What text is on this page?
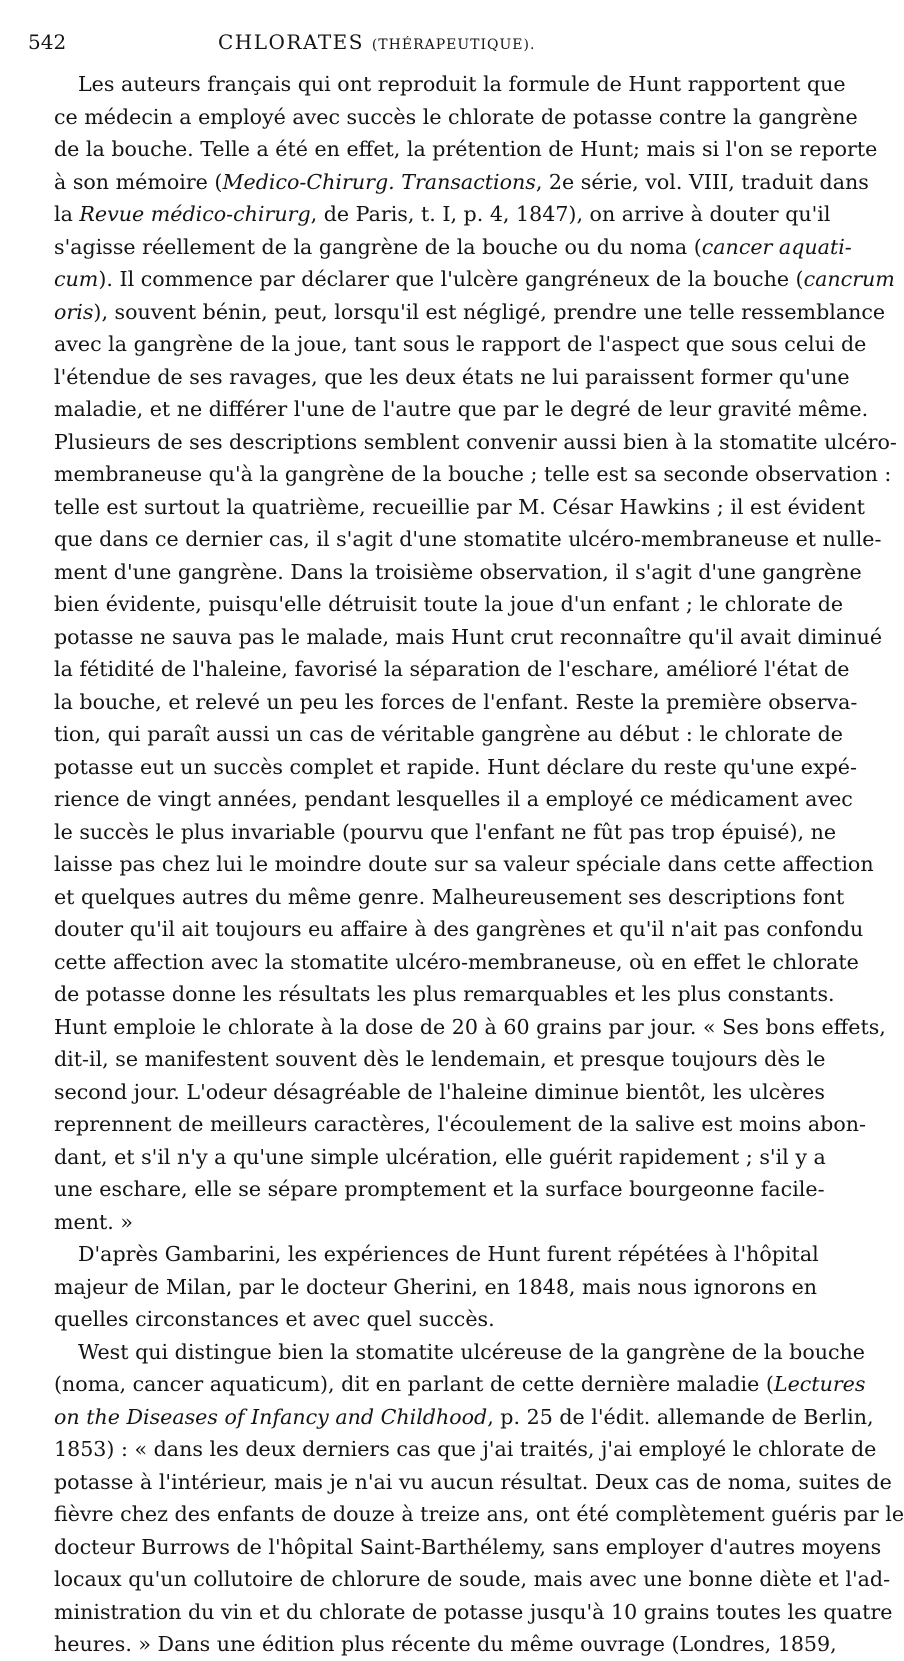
542	CHLORATES (THÉRAPEUTIQUE).

Les auteurs français qui ont reproduit la formule de Hunt rapportent que
ce médecin a employé avec succès le chlorate de potasse contre la gangrène
de la bouche. Telle a été en effet, la prétention de Hunt; mais si l'on se reporte
à son mémoire (Medico-Chirurg. Transactions, 2e série, vol. VIII, traduit dans
la Revue médico-chirurg, de Paris, t. I, p. 4, 1847), on arrive à douter qu'il
s'agisse réellement de la gangrène de la bouche ou du noma (cancer aquati-
cum). Il commence par déclarer que l'ulcère gangréneux de la bouche (cancrum
oris), souvent bénin, peut, lorsqu'il est négligé, prendre une telle ressemblance
avec la gangrène de la joue, tant sous le rapport de l'aspect que sous celui de
l'étendue de ses ravages, que les deux états ne lui paraissent former qu'une
maladie, et ne différer l'une de l'autre que par le degré de leur gravité même.
Plusieurs de ses descriptions semblent convenir aussi bien à la stomatite ulcéro-
membraneuse qu'à la gangrène de la bouche ; telle est sa seconde observation :
telle est surtout la quatrième, recueillie par M. César Hawkins ; il est évident
que dans ce dernier cas, il s'agit d'une stomatite ulcéro-membraneuse et nulle-
ment d'une gangrène. Dans la troisième observation, il s'agit d'une gangrène
bien évidente, puisqu'elle détruisit toute la joue d'un enfant ; le chlorate de
potasse ne sauva pas le malade, mais Hunt crut reconnaître qu'il avait diminué
la fétidité de l'haleine, favorisé la séparation de l'eschare, amélioré l'état de
la bouche, et relevé un peu les forces de l'enfant. Reste la première observa-
tion, qui paraît aussi un cas de véritable gangrène au début : le chlorate de
potasse eut un succès complet et rapide. Hunt déclare du reste qu'une expé-
rience de vingt années, pendant lesquelles il a employé ce médicament avec
le succès le plus invariable (pourvu que l'enfant ne fût pas trop épuisé), ne
laisse pas chez lui le moindre doute sur sa valeur spéciale dans cette affection
et quelques autres du même genre. Malheureusement ses descriptions font
douter qu'il ait toujours eu affaire à des gangrènes et qu'il n'ait pas confondu
cette affection avec la stomatite ulcéro-membraneuse, où en effet le chlorate
de potasse donne les résultats les plus remarquables et les plus constants.
Hunt emploie le chlorate à la dose de 20 à 60 grains par jour. « Ses bons effets,
dit-il, se manifestent souvent dès le lendemain, et presque toujours dès le
second jour. L'odeur désagréable de l'haleine diminue bientôt, les ulcères
reprennent de meilleurs caractères, l'écoulement de la salive est moins abon-
dant, et s'il n'y a qu'une simple ulcération, elle guérit rapidement ; s'il y a
une eschare, elle se sépare promptement et la surface bourgeonne facile-
ment. »

D'après Gambarini, les expériences de Hunt furent répétées à l'hôpital
majeur de Milan, par le docteur Gherini, en 1848, mais nous ignorons en
quelles circonstances et avec quel succès.

West qui distingue bien la stomatite ulcéreuse de la gangrène de la bouche
(noma, cancer aquaticum), dit en parlant de cette dernière maladie (Lectures
on the Diseases of Infancy and Childhood, p. 25 de l'édit. allemande de Berlin,
1853) : « dans les deux derniers cas que j'ai traités, j'ai employé le chlorate de
potasse à l'intérieur, mais je n'ai vu aucun résultat. Deux cas de noma, suites de
fièvre chez des enfants de douze à treize ans, ont été complètement guéris par le
docteur Burrows de l'hôpital Saint-Barthélemy, sans employer d'autres moyens
locaux qu'un collutoire de chlorure de soude, mais avec une bonne diète et l'ad-
ministration du vin et du chlorate de potasse jusqu'à 10 grains toutes les quatre
heures. » Dans une édition plus récente du même ouvrage (Londres, 1859,
